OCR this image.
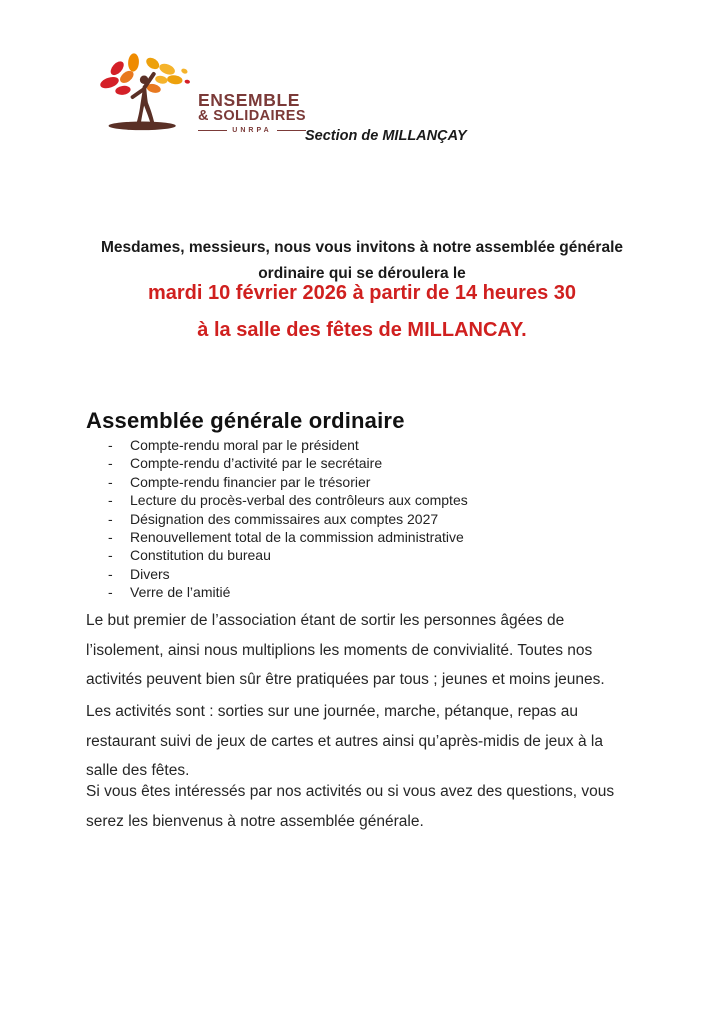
ENSEMBLE
& SOLIDAIRES
UNRPA Section de MILLANÇAY

Mesdames, messieurs, nous vous invitons à notre assemblée générale ordinaire qui se déroulera le

mardi 10 février 2026 à partir de 14 heures 30
à la salle des fêtes de MILLANCAY.
Assemblée générale ordinaire
-	Compte-rendu moral par le président
-	Compte-rendu d’activité par le secrétaire
-	Compte-rendu financier par le trésorier
-	Lecture du procès-verbal des contrôleurs aux comptes
-	Désignation des commissaires aux comptes 2027
-	Renouvellement total de la commission administrative
-	Constitution du bureau
-	Divers
-	Verre de l’amitié

Le but premier de l’association étant de sortir les personnes âgées de l’isolement, ainsi nous multiplions les moments de convivialité. Toutes nos activités peuvent bien sûr être pratiquées par tous ; jeunes et moins jeunes.

Les activités sont : sorties sur une journée, marche, pétanque, repas au restaurant suivi de jeux de cartes et autres ainsi qu’après-midis de jeux à la salle des fêtes.

Si vous êtes intéressés par nos activités ou si vous avez des questions, vous serez les bienvenus à notre assemblée générale.
